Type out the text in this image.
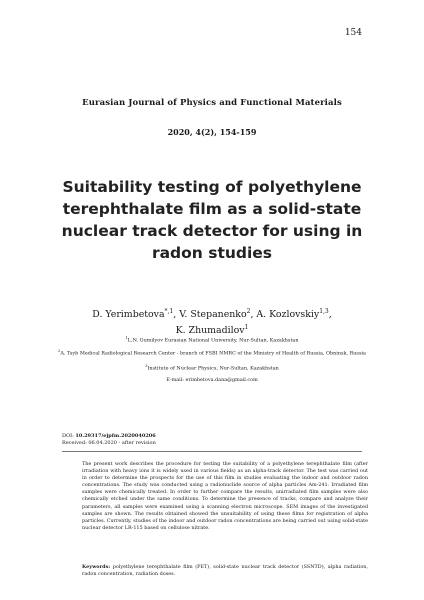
154
Eurasian Journal of Physics and Functional Materials
2020, 4(2), 154-159
Suitability testing of polyethylene terephthalate film as a solid-state nuclear track detector for using in radon studies
D. Yerimbetova$^{*,1}$, V. Stepanenko$^2$, A. Kozlovskiy$^{1,3}$,
K. Zhumadilov$^1$
$^1$L.N. Gumilyov Eurasian National University, Nur-Sultan, Kazakhstan
$^2$A. Tsyb Medical Radiological Research Center - branch of FSBI NMRC of the Ministry of Health of Russia, Obninsk, Russia
$^3$Institute of Nuclear Physics, Nur-Sultan, Kazakhstan
E-mail: erimbetova.dana@gmail.com
DOI: 10.29317/ejpfm.2020040206
Received: 06.04.2020 - after revision
The present work describes the procedure for testing the suitability of a polyethylene terephthalate film (after irradiation with heavy ions it is widely used in various fields) as an alpha-track detector. The test was carried out in order to determine the prospects for the use of this film in studies evaluating the indoor and outdoor radon concentrations. The study was conducted using a radionuclide source of alpha particles Am-241. Irradiated film samples were chemically treated. In order to further compare the results, unirradiated film samples were also chemically etched under the same conditions. To determine the presence of tracks, compare and analyze their parameters, all samples were examined using a scanning electron microscope. SEM images of the investigated samples are shown. The results obtained showed the unsuitability of using these films for registration of alpha particles. Currently, studies of the indoor and outdoor radon concentrations are being carried out using solid-state nuclear detector LR-115 based on cellulose nitrate.
Keywords: polyethylene terephthalate film (PET), solid-state nuclear track detector (SSNTD), alpha radiation, radon concentration, radiation doses.
